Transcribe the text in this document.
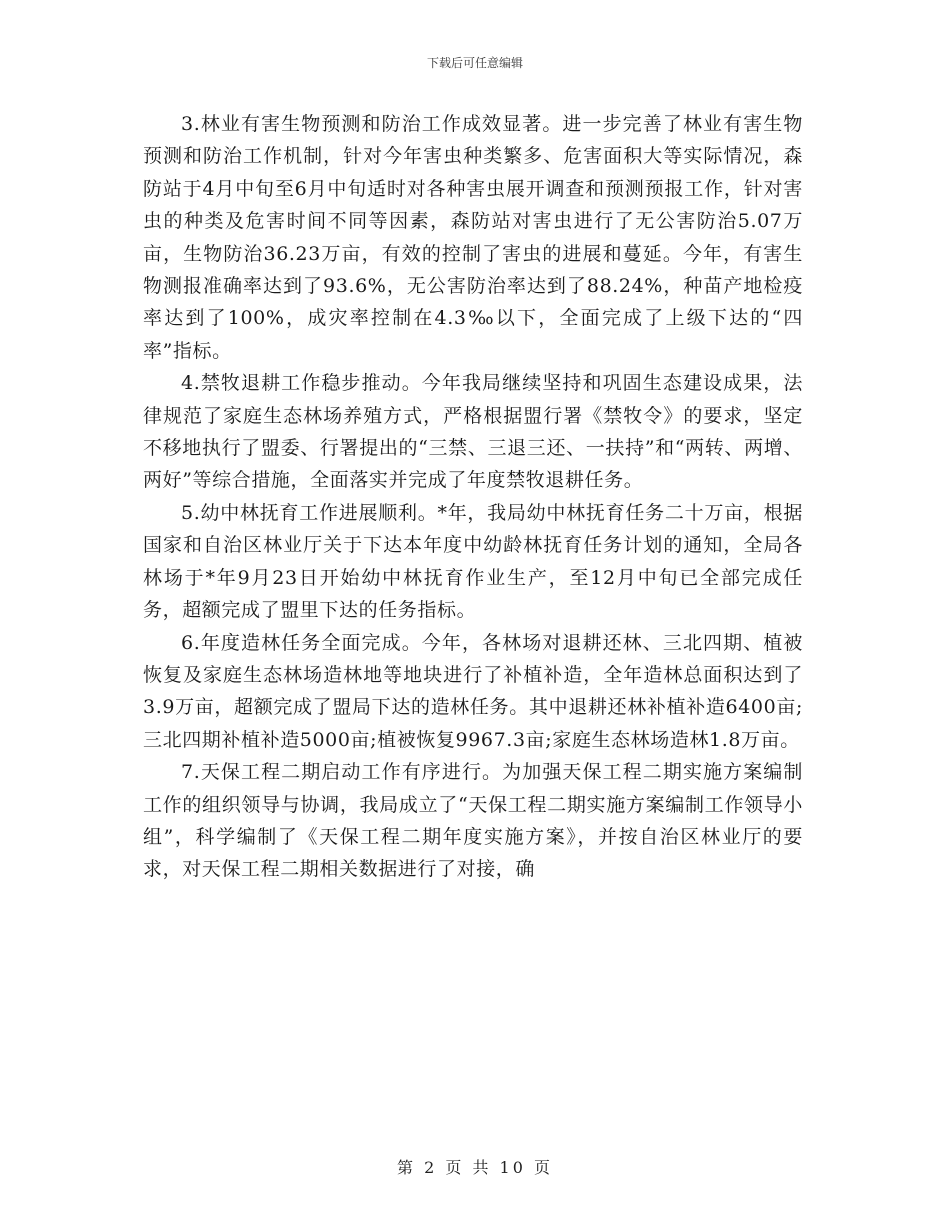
下载后可任意编辑

3.林业有害生物预测和防治工作成效显著。进一步完善了林业有害生物预测和防治工作机制，针对今年害虫种类繁多、危害面积大等实际情况，森防站于4月中旬至6月中旬适时对各种害虫展开调查和预测预报工作，针对害虫的种类及危害时间不同等因素，森防站对害虫进行了无公害防治5.07万亩，生物防治36.23万亩，有效的控制了害虫的进展和蔓延。今年，有害生物测报准确率达到了93.6%，无公害防治率达到了88.24%，种苗产地检疫率达到了100%，成灾率控制在4.3‰以下，全面完成了上级下达的“四率”指标。

4.禁牧退耕工作稳步推动。今年我局继续坚持和巩固生态建设成果，法律规范了家庭生态林场养殖方式，严格根据盟行署《禁牧令》的要求，坚定不移地执行了盟委、行署提出的“三禁、三退三还、一扶持”和“两转、两增、两好”等综合措施，全面落实并完成了年度禁牧退耕任务。

5.幼中林抚育工作进展顺利。*年，我局幼中林抚育任务二十万亩，根据国家和自治区林业厅关于下达本年度中幼龄林抚育任务计划的通知，全局各林场于*年9月23日开始幼中林抚育作业生产，至12月中旬已全部完成任务，超额完成了盟里下达的任务指标。

6.年度造林任务全面完成。今年，各林场对退耕还林、三北四期、植被恢复及家庭生态林场造林地等地块进行了补植补造，全年造林总面积达到了3.9万亩，超额完成了盟局下达的造林任务。其中退耕还林补植补造6400亩;三北四期补植补造5000亩;植被恢复9967.3亩;家庭生态林场造林1.8万亩。

7.天保工程二期启动工作有序进行。为加强天保工程二期实施方案编制工作的组织领导与协调，我局成立了“天保工程二期实施方案编制工作领导小组”，科学编制了《天保工程二期年度实施方案》，并按自治区林业厅的要求，对天保工程二期相关数据进行了对接，确

第 2 页 共 10 页
